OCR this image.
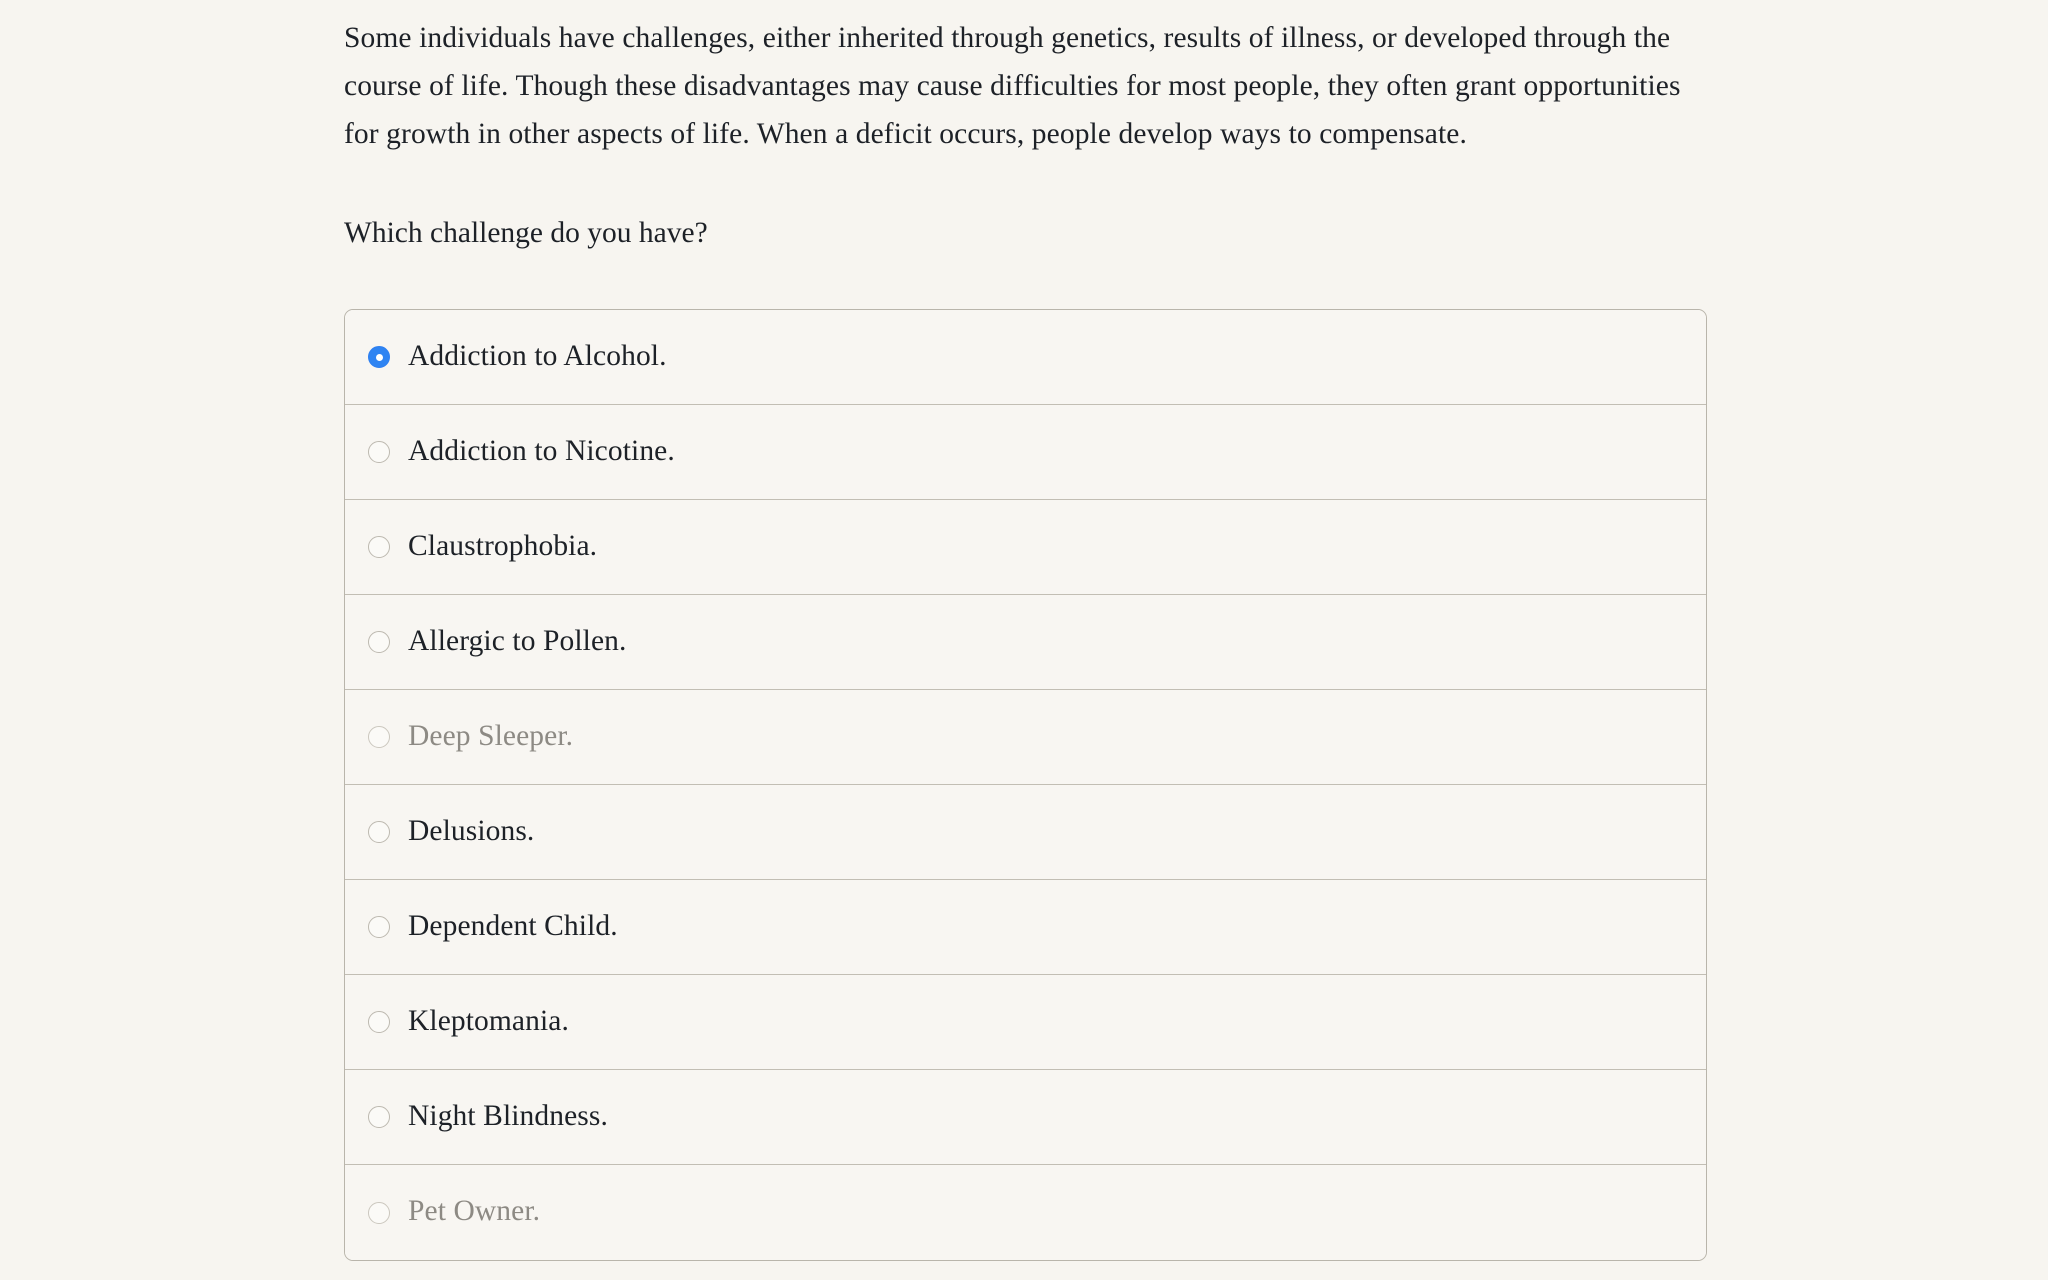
Some individuals have challenges, either inherited through genetics, results of illness, or developed through the course of life. Though these disadvantages may cause difficulties for most people, they often grant opportunities for growth in other aspects of life. When a deficit occurs, people develop ways to compensate.

Which challenge do you have?

Addiction to Alcohol.
Addiction to Nicotine.
Claustrophobia.
Allergic to Pollen.
Deep Sleeper.
Delusions.
Dependent Child.
Kleptomania.
Night Blindness.
Pet Owner.
